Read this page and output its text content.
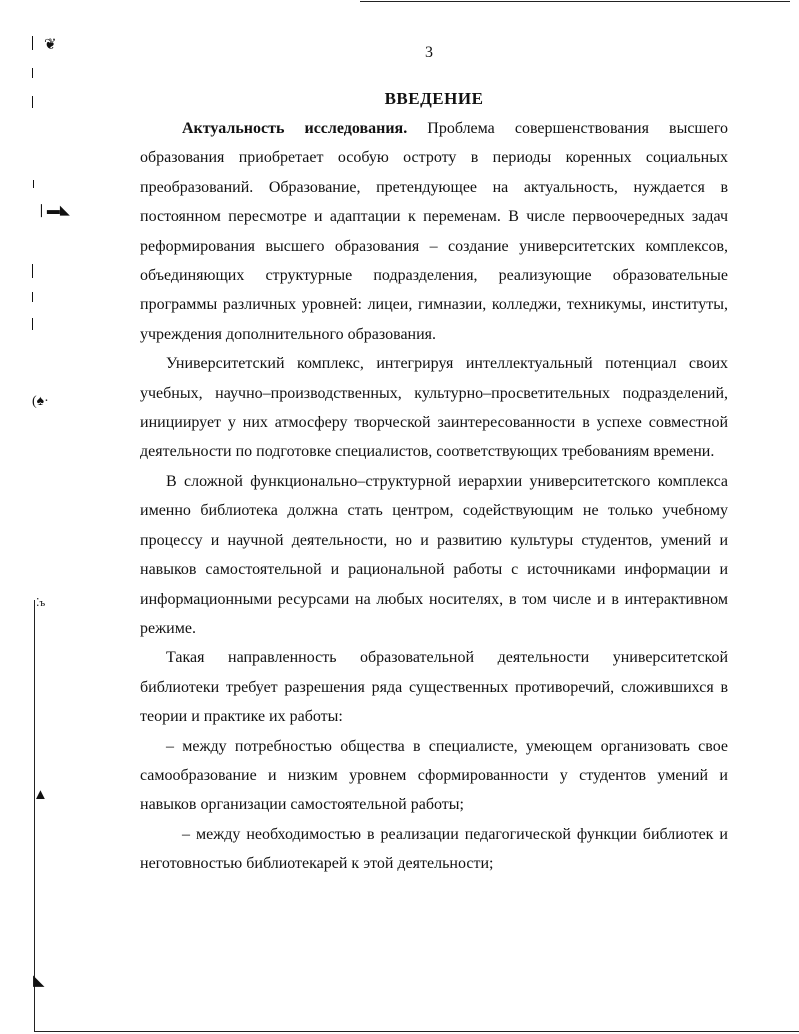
❦
❘▬◣
(♠·
⁚ъ
▲
◣
3
ВВЕДЕНИЕ

Актуальность исследования. Проблема совершенствования высшего образования приобретает особую остроту в периоды коренных социальных преобразований. Образование, претендующее на актуальность, нуждается в постоянном пересмотре и адаптации к переменам. В числе первоочередных задач реформирования высшего образования – создание университетских комплексов, объединяющих структурные подразделения, реализующие образовательные программы различных уровней: лицеи, гимназии, колледжи, техникумы, институты, учреждения дополнительного образования.

Университетский комплекс, интегрируя интеллектуальный потенциал своих учебных, научно–производственных, культурно–просветительных подразделений, инициирует у них атмосферу творческой заинтересованности в успехе совместной деятельности по подготовке специалистов, соответствующих требованиям времени.

В сложной функционально–структурной иерархии университетского комплекса именно библиотека должна стать центром, содействующим не только учебному процессу и научной деятельности, но и развитию культуры студентов, умений и навыков самостоятельной и рациональной работы с источниками информации и информационными ресурсами на любых носителях, в том числе и в интерактивном режиме.

Такая направленность образовательной деятельности университетской библиотеки требует разрешения ряда существенных противоречий, сложившихся в теории и практике их работы:

– между потребностью общества в специалисте, умеющем организовать свое самообразование и низким уровнем сформированности у студентов умений и навыков организации самостоятельной работы;

– между необходимостью в реализации педагогической функции библиотек и неготовностью библиотекарей к этой деятельности;
